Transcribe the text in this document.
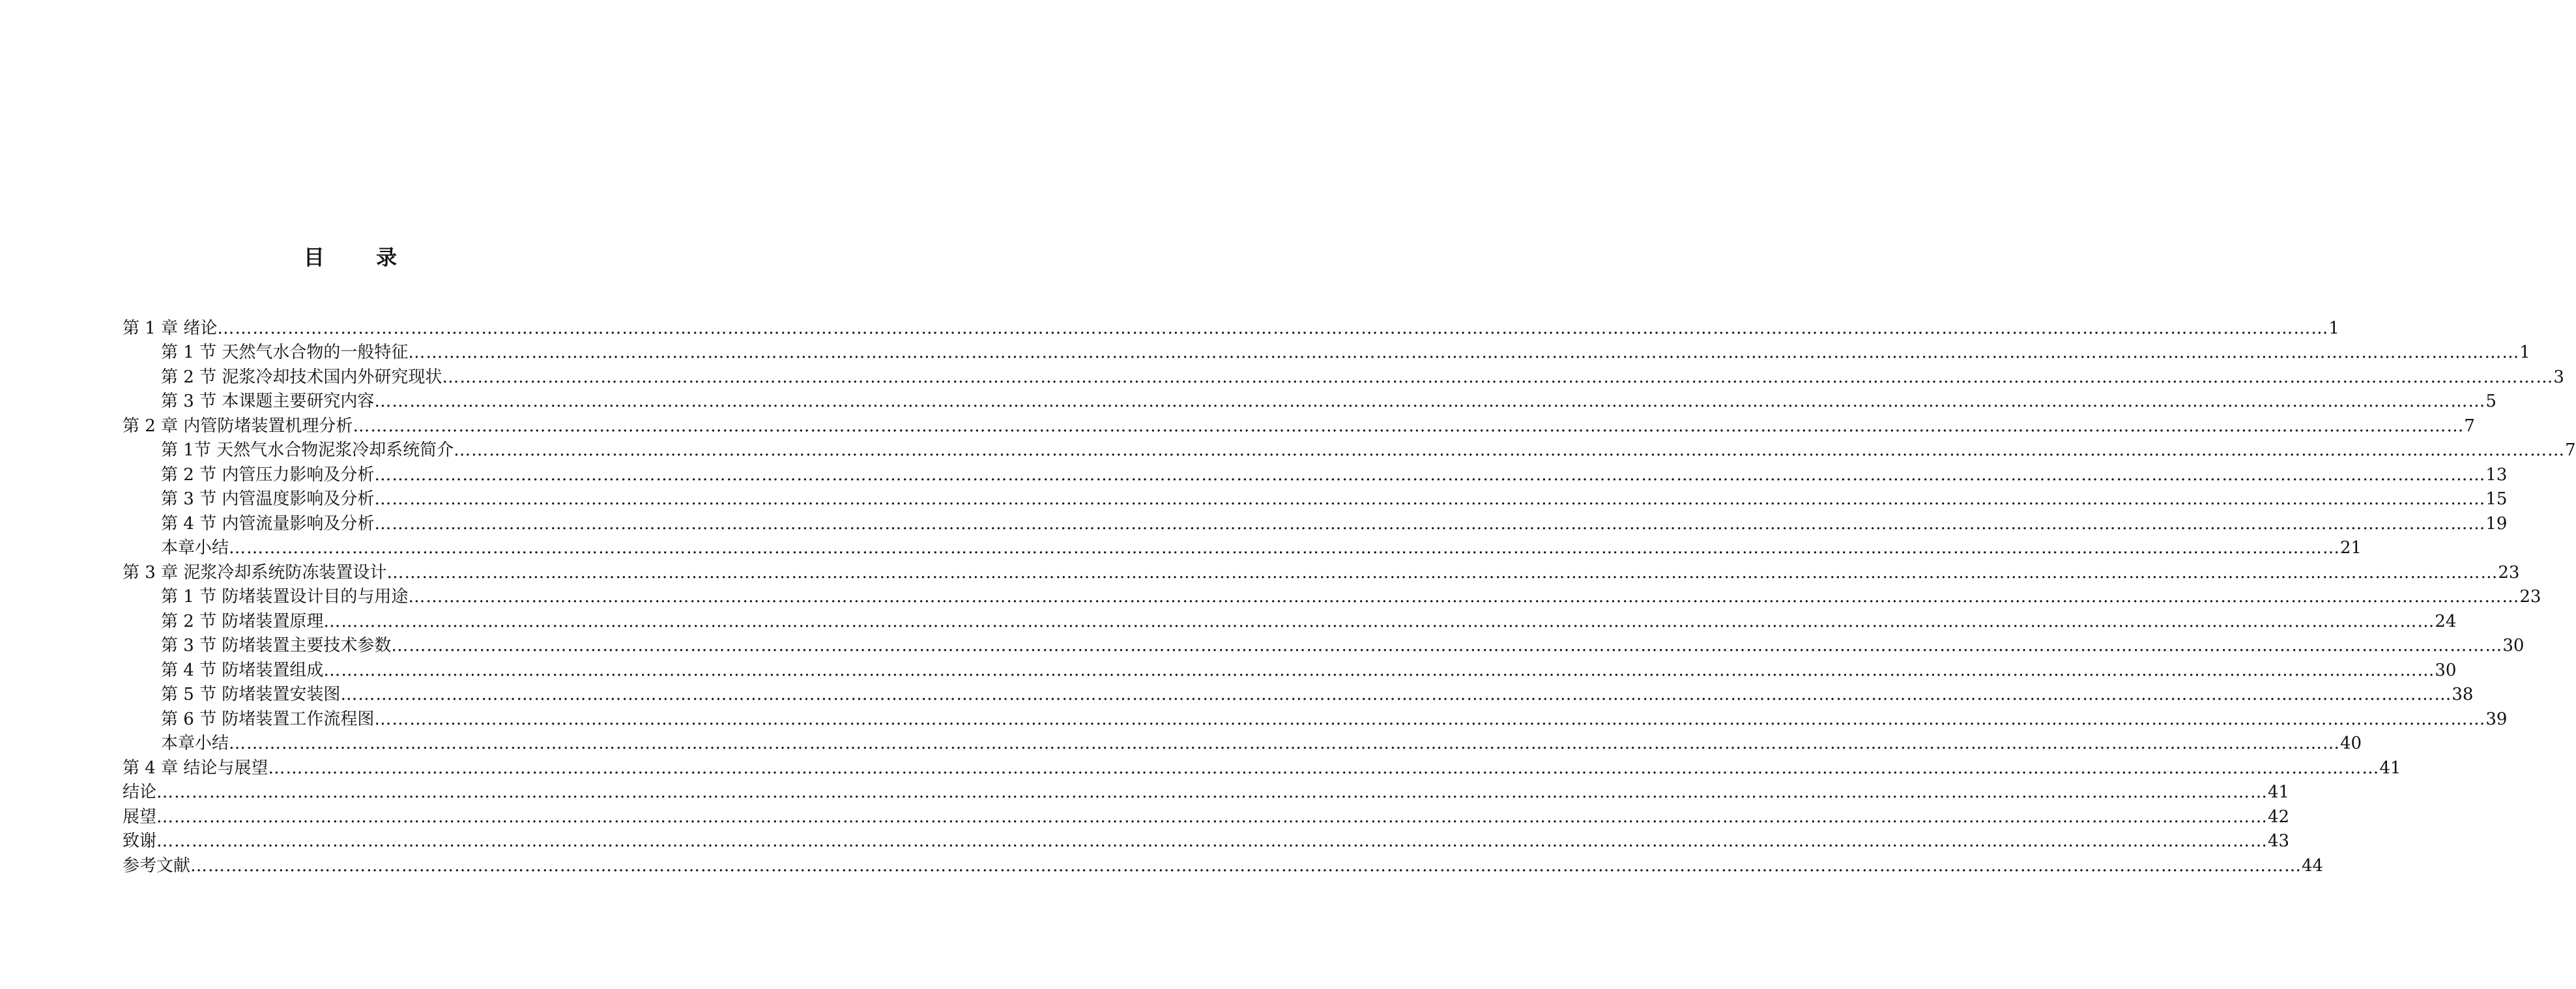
目 录
第 1 章 绪论 ……………………………………………………………………………………………………………………………………………………………………………………………………………………………………………………………………………………………………………………………… 1
第 1 节 天然气水合物的一般特征 ……………………………………………………………………………………………………………………………………………………………………………………………………………………………………………………………………………………………………………………………… 1
第 2 节 泥浆冷却技术国内外研究现状 ……………………………………………………………………………………………………………………………………………………………………………………………………………………………………………………………………………………………………………………………… 3
第 3 节 本课题主要研究内容 ……………………………………………………………………………………………………………………………………………………………………………………………………………………………………………………………………………………………………………………………… 5
第 2 章 内管防堵装置机理分析 ……………………………………………………………………………………………………………………………………………………………………………………………………………………………………………………………………………………………………………………………… 7
第 1节 天然气水合物泥浆冷却系统简介 ……………………………………………………………………………………………………………………………………………………………………………………………………………………………………………………………………………………………………………………………… 7
第 2 节 内管压力影响及分析 ……………………………………………………………………………………………………………………………………………………………………………………………………………………………………………………………………………………………………………………………… 13
第 3 节 内管温度影响及分析 ……………………………………………………………………………………………………………………………………………………………………………………………………………………………………………………………………………………………………………………………… 15
第 4 节 内管流量影响及分析 ……………………………………………………………………………………………………………………………………………………………………………………………………………………………………………………………………………………………………………………………… 19
本章小结 ……………………………………………………………………………………………………………………………………………………………………………………………………………………………………………………………………………………………………………………………… 21
第 3 章 泥浆冷却系统防冻装置设计 ……………………………………………………………………………………………………………………………………………………………………………………………………………………………………………………………………………………………………………………………… 23
第 1 节 防堵装置设计目的与用途 ……………………………………………………………………………………………………………………………………………………………………………………………………………………………………………………………………………………………………………………………… 23
第 2 节 防堵装置原理 ……………………………………………………………………………………………………………………………………………………………………………………………………………………………………………………………………………………………………………………………… 24
第 3 节 防堵装置主要技术参数 ……………………………………………………………………………………………………………………………………………………………………………………………………………………………………………………………………………………………………………………………… 30
第 4 节 防堵装置组成 ……………………………………………………………………………………………………………………………………………………………………………………………………………………………………………………………………………………………………………………………… 30
第 5 节 防堵装置安装图 ……………………………………………………………………………………………………………………………………………………………………………………………………………………………………………………………………………………………………………………………… 38
第 6 节 防堵装置工作流程图 ……………………………………………………………………………………………………………………………………………………………………………………………………………………………………………………………………………………………………………………………… 39
本章小结 ……………………………………………………………………………………………………………………………………………………………………………………………………………………………………………………………………………………………………………………………… 40
第 4 章 结论与展望 ……………………………………………………………………………………………………………………………………………………………………………………………………………………………………………………………………………………………………………………………… 41
结论 ……………………………………………………………………………………………………………………………………………………………………………………………………………………………………………………………………………………………………………………………… 41
展望 ……………………………………………………………………………………………………………………………………………………………………………………………………………………………………………………………………………………………………………………………… 42
致谢 ……………………………………………………………………………………………………………………………………………………………………………………………………………………………………………………………………………………………………………………………… 43
参考文献 ……………………………………………………………………………………………………………………………………………………………………………………………………………………………………………………………………………………………………………………………… 44
